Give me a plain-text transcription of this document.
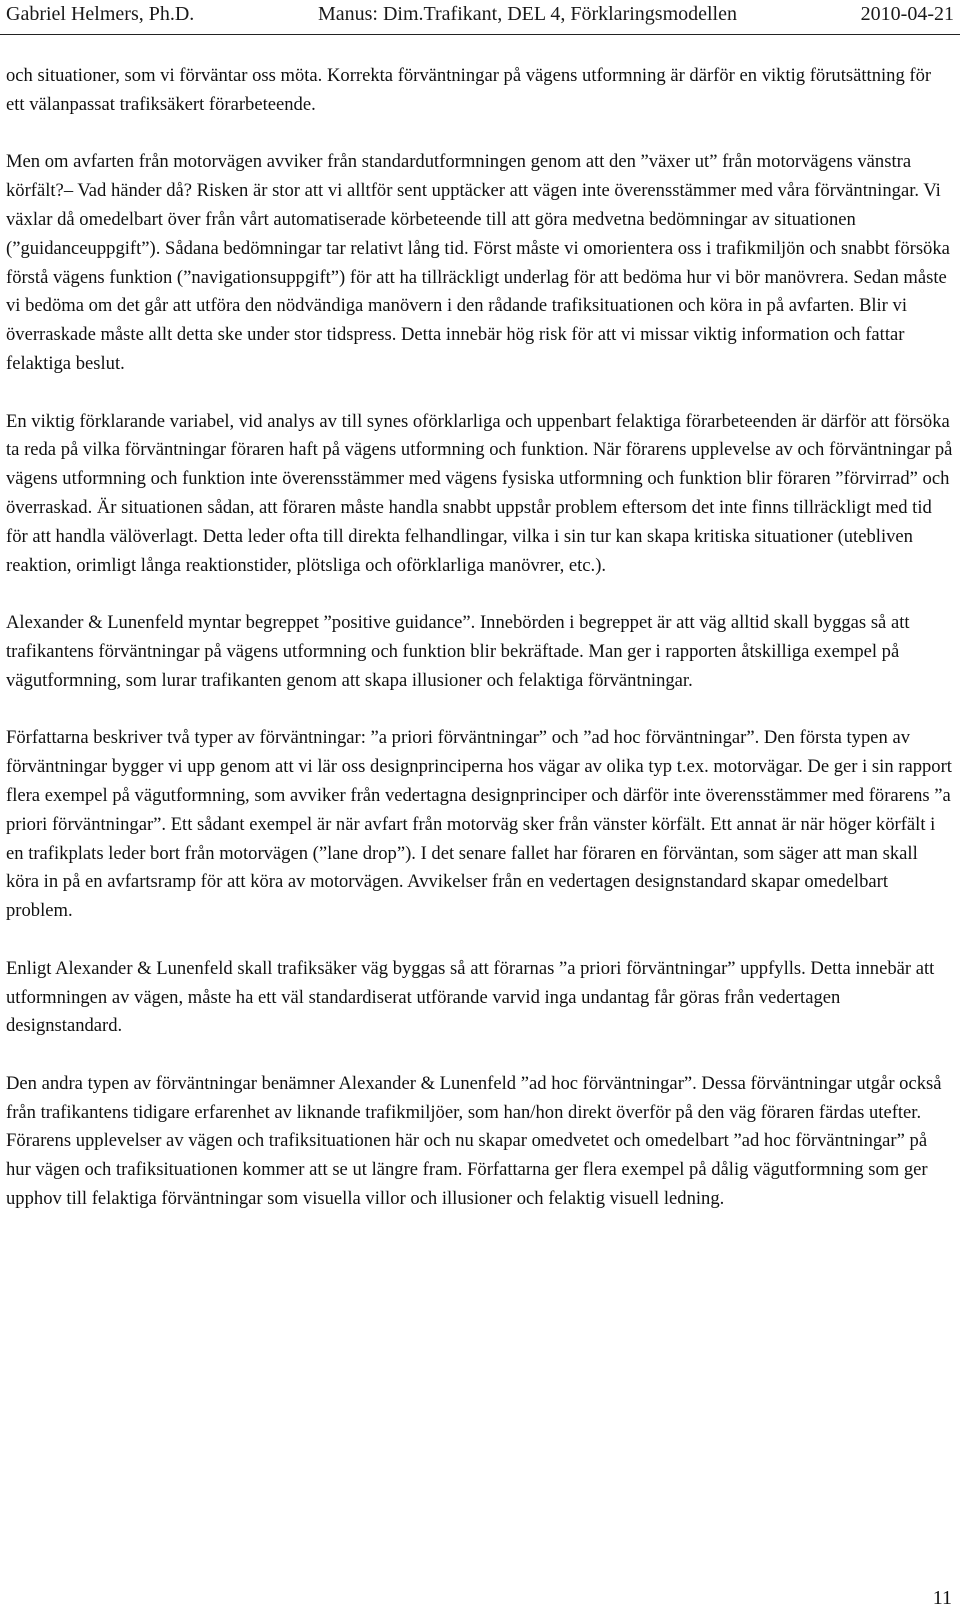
Gabriel Helmers, Ph.D.	Manus: Dim.Trafikant, DEL 4, Förklaringsmodellen	2010-04-21

och situationer, som vi förväntar oss möta. Korrekta förväntningar på vägens utformning är därför en viktig förutsättning för ett välanpassat trafiksäkert förarbeteende.

Men om avfarten från motorvägen avviker från standardutformningen genom att den ”växer ut” från motorvägens vänstra körfält?– Vad händer då? Risken är stor att vi alltför sent upptäcker att vägen inte överensstämmer med våra förväntningar. Vi växlar då omedelbart över från vårt automatiserade körbeteende till att göra medvetna bedömningar av situationen (”guidanceuppgift”). Sådana bedömningar tar relativt lång tid. Först måste vi omorientera oss i trafikmiljön och snabbt försöka förstå vägens funktion (”navigationsuppgift”) för att ha tillräckligt underlag för att bedöma hur vi bör manövrera. Sedan måste vi bedöma om det går att utföra den nödvändiga manövern i den rådande trafiksituationen och köra in på avfarten. Blir vi överraskade måste allt detta ske under stor tidspress. Detta innebär hög risk för att vi missar viktig information och fattar felaktiga beslut.

En viktig förklarande variabel, vid analys av till synes oförklarliga och uppenbart felaktiga förarbeteenden är därför att försöka ta reda på vilka förväntningar föraren haft på vägens utformning och funktion. När förarens upplevelse av och förväntningar på vägens utformning och funktion inte överensstämmer med vägens fysiska utformning och funktion blir föraren ”förvirrad” och överraskad. Är situationen sådan, att föraren måste handla snabbt uppstår problem eftersom det inte finns tillräckligt med tid för att handla välöverlagt. Detta leder ofta till direkta felhandlingar, vilka i sin tur kan skapa kritiska situationer (utebliven reaktion, orimligt långa reaktionstider, plötsliga och oförklarliga manövrer, etc.).

Alexander & Lunenfeld myntar begreppet ”positive guidance”. Innebörden i begreppet är att väg alltid skall byggas så att trafikantens förväntningar på vägens utformning och funktion blir bekräftade. Man ger i rapporten åtskilliga exempel på vägutformning, som lurar trafikanten genom att skapa illusioner och felaktiga förväntningar.

Författarna beskriver två typer av förväntningar: ”a priori förväntningar” och ”ad hoc förväntningar”. Den första typen av förväntningar bygger vi upp genom att vi lär oss designprinciperna hos vägar av olika typ t.ex. motorvägar. De ger i sin rapport flera exempel på vägutformning, som avviker från vedertagna designprinciper och därför inte överensstämmer med förarens ”a priori förväntningar”. Ett sådant exempel är när avfart från motorväg sker från vänster körfält. Ett annat är när höger körfält i en trafikplats leder bort från motorvägen (”lane drop”). I det senare fallet har föraren en förväntan, som säger att man skall köra in på en avfartsramp för att köra av motorvägen. Avvikelser från en vedertagen designstandard skapar omedelbart problem.

Enligt Alexander & Lunenfeld skall trafiksäker väg byggas så att förarnas ”a priori förväntningar” uppfylls. Detta innebär att utformningen av vägen, måste ha ett väl standardiserat utförande varvid inga undantag får göras från vedertagen designstandard.

Den andra typen av förväntningar benämner Alexander & Lunenfeld ”ad hoc förväntningar”. Dessa förväntningar utgår också från trafikantens tidigare erfarenhet av liknande trafikmiljöer, som han/hon direkt överför på den väg föraren färdas utefter. Förarens upplevelser av vägen och trafiksituationen här och nu skapar omedvetet och omedelbart ”ad hoc förväntningar” på hur vägen och trafiksituationen kommer att se ut längre fram. Författarna ger flera exempel på dålig vägutformning som ger upphov till felaktiga förväntningar som visuella villor och illusioner och felaktig visuell ledning.

11
